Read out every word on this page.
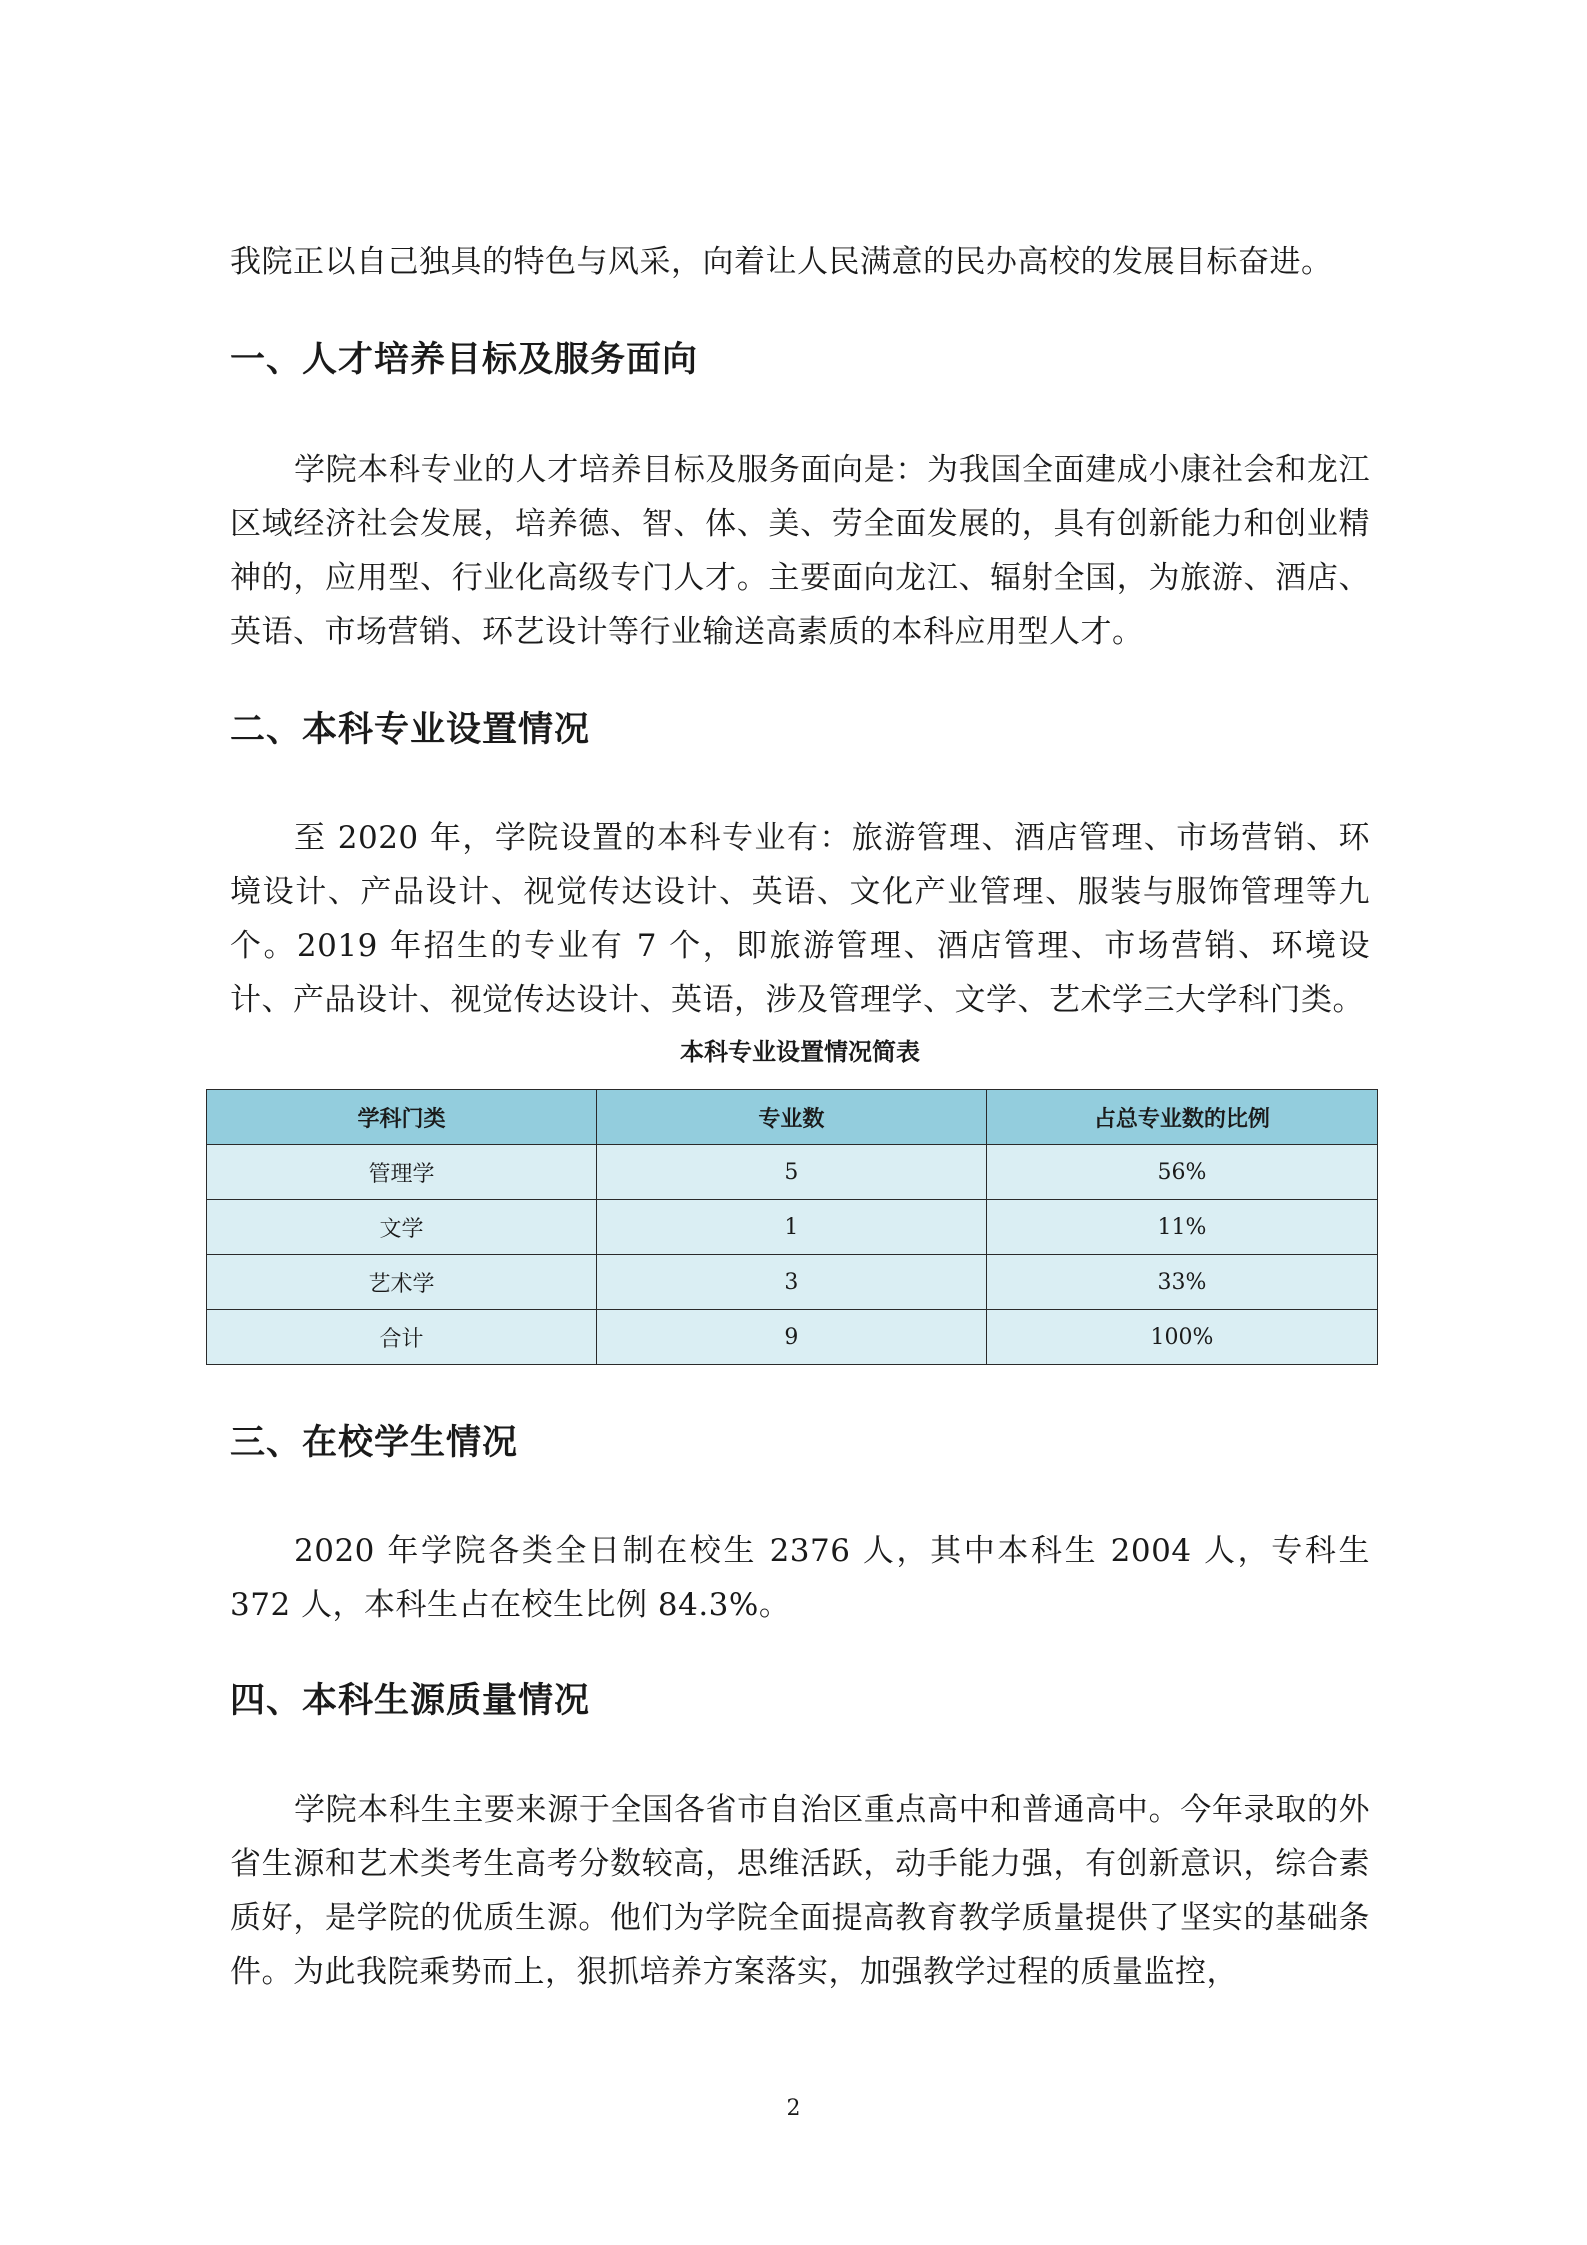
我院正以自己独具的特色与风采，向着让人民满意的民办高校的发展目标奋进。

一、人才培养目标及服务面向

学院本科专业的人才培养目标及服务面向是：为我国全面建成小康社会和龙江区域经济社会发展，培养德、智、体、美、劳全面发展的，具有创新能力和创业精神的，应用型、行业化高级专门人才。主要面向龙江、辐射全国，为旅游、酒店、英语、市场营销、环艺设计等行业输送高素质的本科应用型人才。

二、本科专业设置情况

至 2020 年，学院设置的本科专业有：旅游管理、酒店管理、市场营销、环境设计、产品设计、视觉传达设计、英语、文化产业管理、服装与服饰管理等九个。2019 年招生的专业有 7 个，即旅游管理、酒店管理、市场营销、环境设计、产品设计、视觉传达设计、英语，涉及管理学、文学、艺术学三大学科门类。

本科专业设置情况简表

学科门类	专业数	占总专业数的比例
管理学	5	56%
文学	1	11%
艺术学	3	33%
合计	9	100%
三、在校学生情况

2020 年学院各类全日制在校生 2376 人，其中本科生 2004 人，专科生 372 人，本科生占在校生比例 84.3%。

四、本科生源质量情况

学院本科生主要来源于全国各省市自治区重点高中和普通高中。今年录取的外省生源和艺术类考生高考分数较高，思维活跃，动手能力强，有创新意识，综合素质好，是学院的优质生源。他们为学院全面提高教育教学质量提供了坚实的基础条件。为此我院乘势而上，狠抓培养方案落实，加强教学过程的质量监控，

2
